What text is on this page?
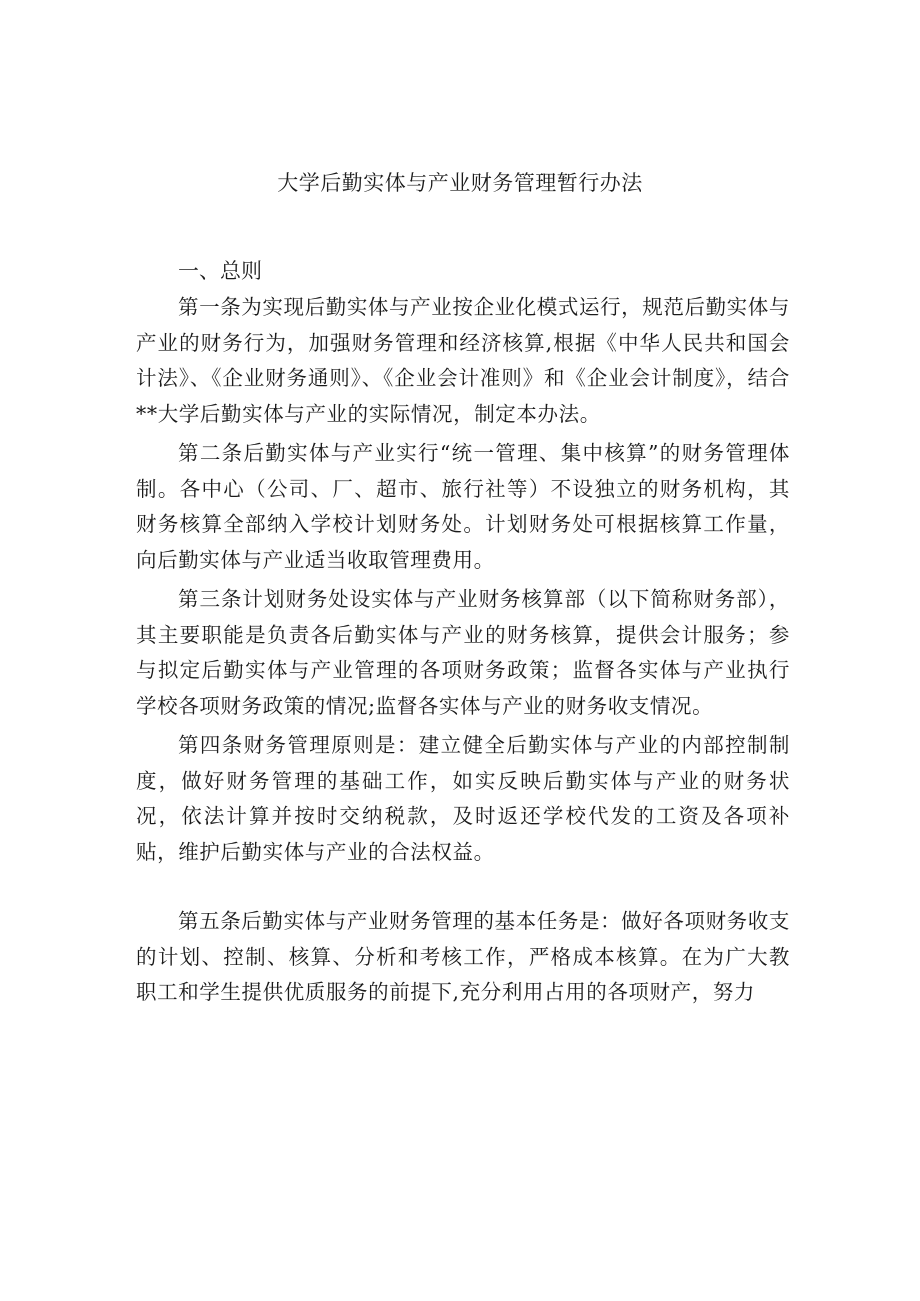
大学后勤实体与产业财务管理暂行办法
一、总则

第一条为实现后勤实体与产业按企业化模式运行，规范后勤实体与产业的财务行为，加强财务管理和经济核算,根据《中华人民共和国会计法》、《企业财务通则》、《企业会计准则》和《企业会计制度》，结合**大学后勤实体与产业的实际情况，制定本办法。

第二条后勤实体与产业实行“统一管理、集中核算”的财务管理体制。各中心（公司、厂、超市、旅行社等）不设独立的财务机构，其财务核算全部纳入学校计划财务处。计划财务处可根据核算工作量，向后勤实体与产业适当收取管理费用。

第三条计划财务处设实体与产业财务核算部（以下简称财务部），其主要职能是负责各后勤实体与产业的财务核算，提供会计服务；参与拟定后勤实体与产业管理的各项财务政策；监督各实体与产业执行学校各项财务政策的情况;监督各实体与产业的财务收支情况。

第四条财务管理原则是：建立健全后勤实体与产业的内部控制制度，做好财务管理的基础工作，如实反映后勤实体与产业的财务状况，依法计算并按时交纳税款，及时返还学校代发的工资及各项补贴，维护后勤实体与产业的合法权益。

第五条后勤实体与产业财务管理的基本任务是：做好各项财务收支的计划、控制、核算、分析和考核工作，严格成本核算。在为广大教职工和学生提供优质服务的前提下,充分利用占用的各项财产，努力
